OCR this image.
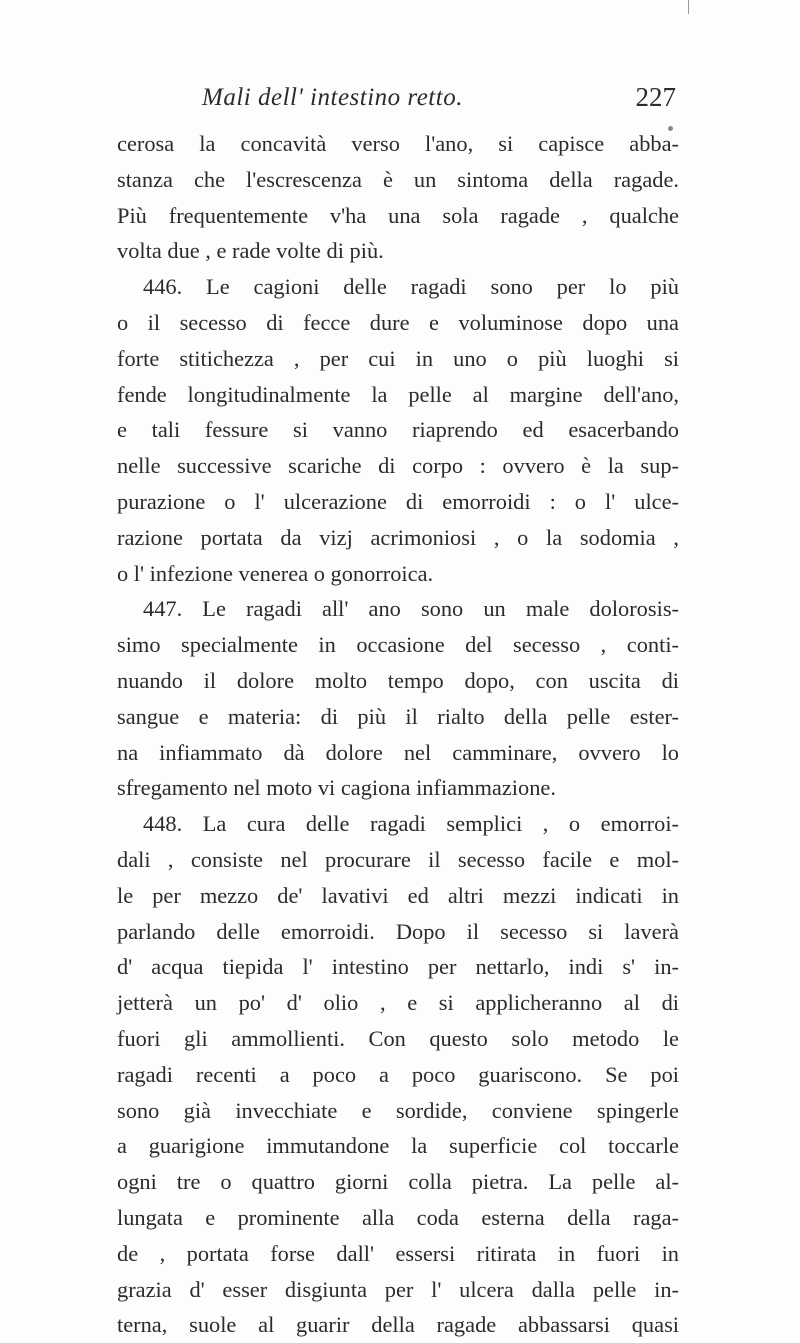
Mali dell' intestino retto.	227
cerosa la concavità verso l'ano, si capisce abba-
stanza che l'escrescenza è un sintoma della ragade.
Più frequentemente v'ha una sola ragade , qualche
volta due , e rade volte di più.
446. Le cagioni delle ragadi sono per lo più
o il secesso di fecce dure e voluminose dopo una
forte stitichezza , per cui in uno o più luoghi si
fende longitudinalmente la pelle al margine dell'ano,
e tali fessure si vanno riaprendo ed esacerbando
nelle successive scariche di corpo : ovvero è la sup-
purazione o l' ulcerazione di emorroidi : o l' ulce-
razione portata da vizj acrimoniosi , o la sodomia ,
o l' infezione venerea o gonorroica.
447. Le ragadi all' ano sono un male dolorosis-
simo specialmente in occasione del secesso , conti-
nuando il dolore molto tempo dopo, con uscita di
sangue e materia: di più il rialto della pelle ester-
na infiammato dà dolore nel camminare, ovvero lo
sfregamento nel moto vi cagiona infiammazione.
448. La cura delle ragadi semplici , o emorroi-
dali , consiste nel procurare il secesso facile e mol-
le per mezzo de' lavativi ed altri mezzi indicati in
parlando delle emorroidi. Dopo il secesso si laverà
d' acqua tiepida l' intestino per nettarlo, indi s' in-
jetterà un po' d' olio , e si applicheranno al di
fuori gli ammollienti. Con questo solo metodo le
ragadi recenti a poco a poco guariscono. Se poi
sono già invecchiate e sordide, conviene spingerle
a guarigione immutandone la superficie col toccarle
ogni tre o quattro giorni colla pietra. La pelle al-
lungata e prominente alla coda esterna della raga-
de , portata forse dall' essersi ritirata in fuori in
grazia d' esser disgiunta per l' ulcera dalla pelle in-
terna, suole al guarir della ragade abbassarsi quasi
